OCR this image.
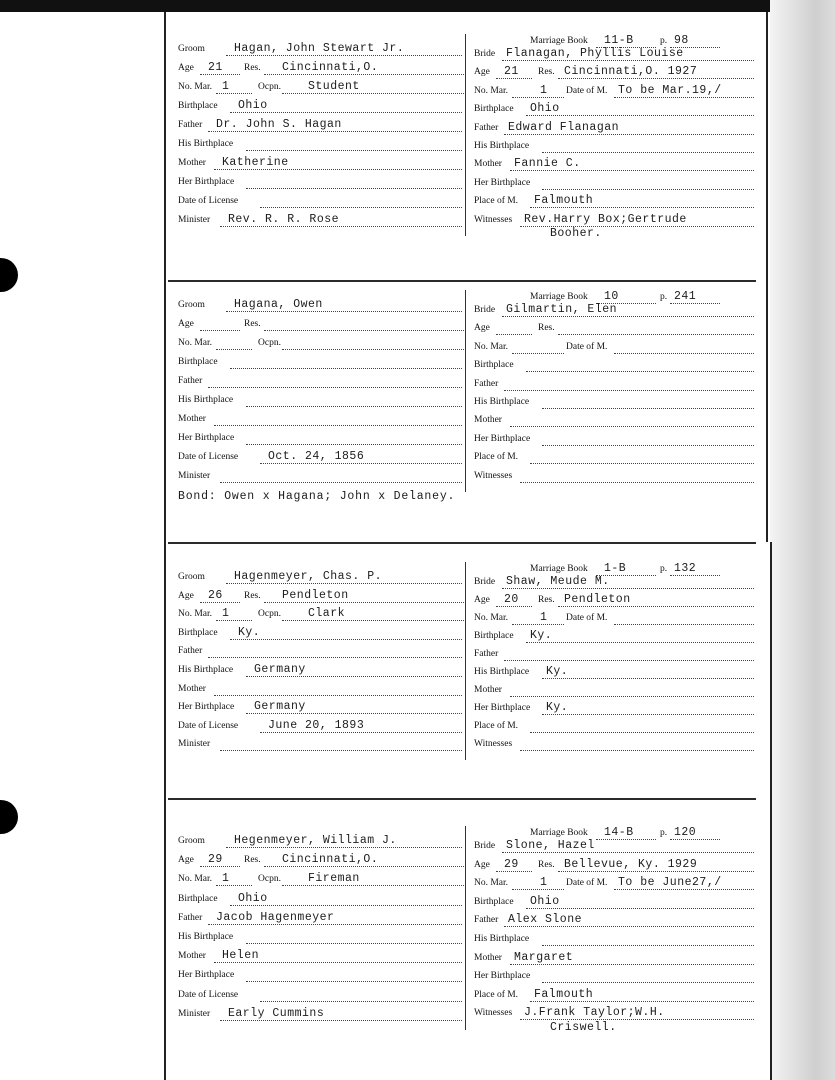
Groom	Hagan, John Stewart Jr.
Age 21 Res. Cincinnati,O.
No. Mar. 1	Ocpn. Student
Birthplace Ohio
Father Dr. John S. Hagan
His Birthplace
Mother Katherine
Her Birthplace
Date of License
Minister Rev. R. R. Rose
Marriage Book 11-B	p. 98
Bride Flanagan, Phyllis Louise
Age 21 Res. Cincinnati,O. 1927
No. Mar.	1 Date of M. To be Mar.19,/
Birthplace Ohio
Father Edward Flanagan
His Birthplace
Mother Fannie C.
Her Birthplace
Place of M. Falmouth
Witnesses Rev.Harry Box;Gertrude
Booher.
Groom	Hagana, Owen
Age	Res.
No. Mar.	Ocpn.
Birthplace
Father
His Birthplace
Mother
Her Birthplace
Date of License	Oct. 24, 1856
Minister
Marriage Book 10	p. 241
Bride Gilmartin, Elen
Age	Res.
No. Mar.	Date of M.
Birthplace
Father
His Birthplace
Mother
Her Birthplace
Place of M.
Witnesses
Bond: Owen x Hagana; John x Delaney.
Groom	Hagenmeyer, Chas. P.
Age 26 Res. Pendleton
No. Mar. 1	Ocpn. Clark
Birthplace Ky.
Father
His Birthplace Germany
Mother
Her Birthplace Germany
Date of License	June 20, 1893
Minister
Marriage Book 1-B	p. 132
Bride Shaw, Meude M.
Age 20 Res. Pendleton
No. Mar.	1 Date of M.
Birthplace Ky.
Father
His Birthplace Ky.
Mother
Her Birthplace Ky.
Place of M.
Witnesses
Groom	Hegenmeyer, William J.
Age 29 Res. Cincinnati,O.
No. Mar. 1	Ocpn. Fireman
Birthplace Ohio
Father Jacob Hagenmeyer
His Birthplace
Mother Helen
Her Birthplace
Date of License
Minister Early Cummins
Marriage Book 14-B	p. 120
Bride Slone, Hazel
Age 29 Res. Bellevue, Ky. 1929
No. Mar.	1 Date of M. To be June27,/
Birthplace Ohio
Father Alex Slone
His Birthplace
Mother Margaret
Her Birthplace
Place of M. Falmouth
Witnesses J.Frank Taylor;W.H.
Criswell.
